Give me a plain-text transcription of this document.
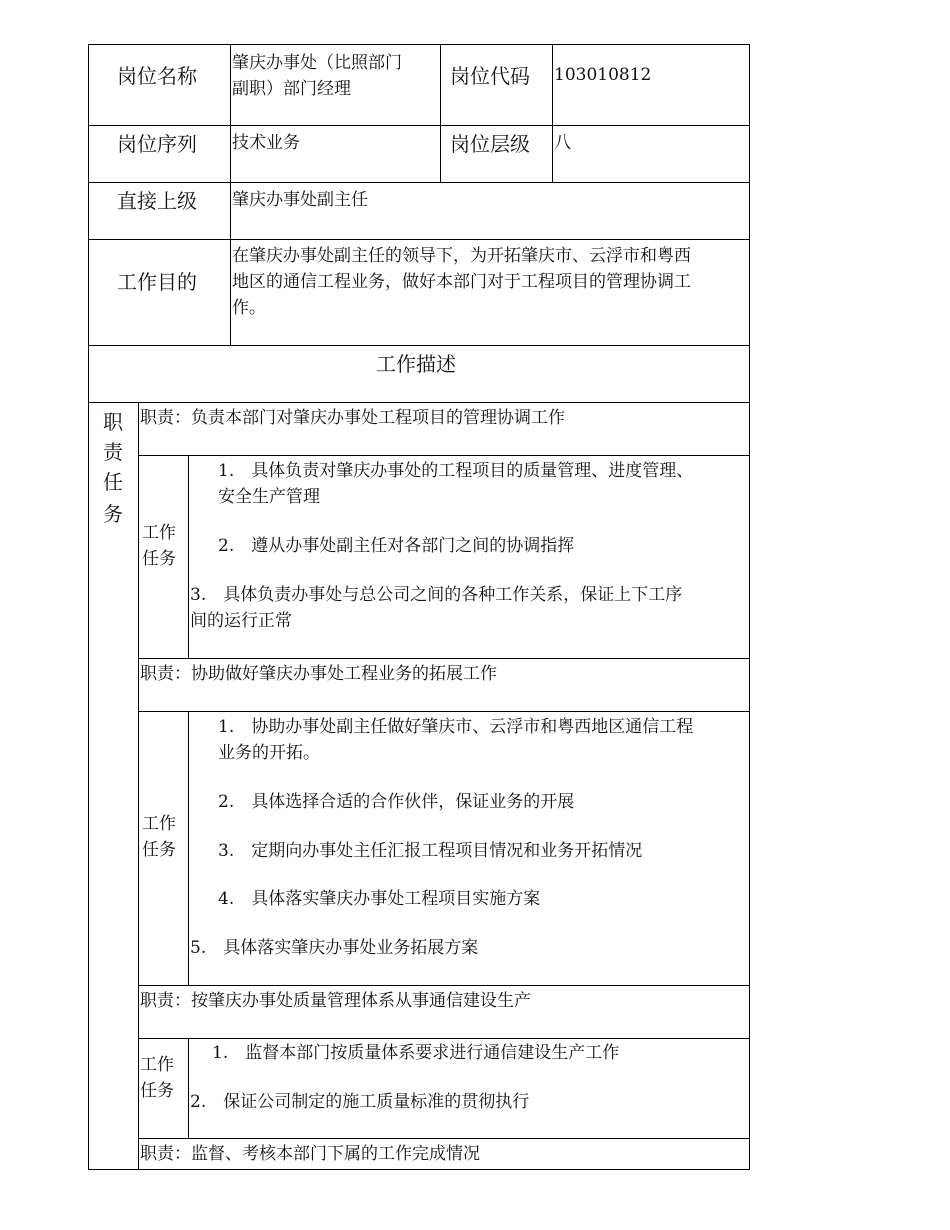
岗位名称
肇庆办事处（比照部门
副职）部门经理
岗位代码 103010812
岗位序列 技术业务	岗位层级 八
直接上级 肇庆办事处副主任
工作目的
在肇庆办事处副主任的领导下，为开拓肇庆市、云浮市和粤西
地区的通信工程业务，做好本部门对于工程项目的管理协调工
作。
工作描述
职
责
任
务
职责：负责本部门对肇庆办事处工程项目的管理协调工作
工作
任务
1.　具体负责对肇庆办事处的工程项目的质量管理、进度管理、
安全生产管理
2.　遵从办事处副主任对各部门之间的协调指挥
3.　具体负责办事处与总公司之间的各种工作关系，保证上下工序
间的运行正常
职责：协助做好肇庆办事处工程业务的拓展工作
工作
任务
1.　协助办事处副主任做好肇庆市、云浮市和粤西地区通信工程
业务的开拓。
2.　具体选择合适的合作伙伴，保证业务的开展
3.　定期向办事处主任汇报工程项目情况和业务开拓情况
4.　具体落实肇庆办事处工程项目实施方案
5.　具体落实肇庆办事处业务拓展方案
职责：按肇庆办事处质量管理体系从事通信建设生产
工作
任务
1.　监督本部门按质量体系要求进行通信建设生产工作
2.　保证公司制定的施工质量标准的贯彻执行
职责：监督、考核本部门下属的工作完成情况
